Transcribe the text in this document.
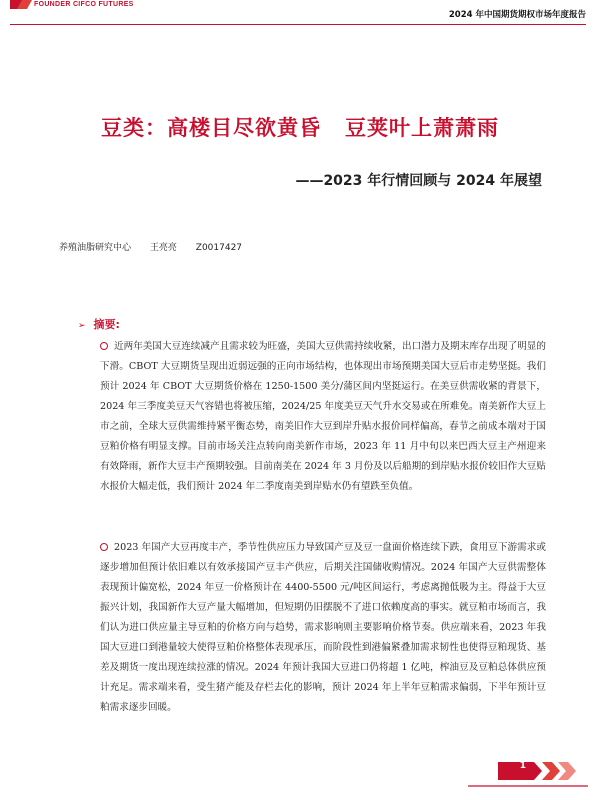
FOUNDER CIFCO FUTURES
2024 年中国期货期权市场年度报告
豆类：高楼目尽欲黄昏 豆荚叶上萧萧雨
——2023 年行情回顾与 2024 年展望
养殖油脂研究中心 王亮亮 Z0017427
➢ 摘要:
近两年美国大豆连续减产且需求较为旺盛，美国大豆供需持续收紧，出口潜力及期末库存出现了明显的下滑。CBOT 大豆期货呈现出近弱远强的正向市场结构，也体现出市场预期美国大豆后市走势坚挺。我们预计 2024 年 CBOT 大豆期货价格在 1250-1500 美分/蒲区间内坚挺运行。在美豆供需收紧的背景下，2024 年三季度美豆天气容错也将被压缩，2024/25 年度美豆天气升水交易或在所难免。南美新作大豆上市之前，全球大豆供需维持紧平衡态势，南美旧作大豆到岸升贴水报价同样偏高，春节之前成本端对于国豆粕价格有明显支撑。目前市场关注点转向南美新作市场，2023 年 11 月中旬以来巴西大豆主产州迎来有效降雨，新作大豆丰产预期较强。目前南美在 2024 年 3 月份及以后船期的到岸贴水报价较旧作大豆贴水报价大幅走低，我们预计 2024 年二季度南美到岸贴水仍有望跌至负值。
2023 年国产大豆再度丰产，季节性供应压力导致国产豆及豆一盘面价格连续下跌，食用豆下游需求或逐步增加但预计依旧难以有效承接国产豆丰产供应，后期关注国储收购情况。2024 年国产大豆供需整体表现预计偏宽松，2024 年豆一价格预计在 4400-5500 元/吨区间运行，考虑离抛低吸为主。得益于大豆振兴计划，我国新作大豆产量大幅增加，但短期仍旧摆脱不了进口依赖度高的事实。就豆粕市场而言，我们认为进口供应量主导豆粕的价格方向与趋势，需求影响则主要影响价格节奏。供应端来看，2023 年我国大豆进口到港量较大使得豆粕价格整体表现承压，而阶段性到港偏紧叠加需求韧性也使得豆粕现货、基差及期货一度出现连续拉涨的情况。2024 年预计我国大豆进口仍将超 1 亿吨，榨油豆及豆粕总体供应预计充足。需求端来看，受生猪产能及存栏去化的影响，预计 2024 年上半年豆粕需求偏弱，下半年预计豆粕需求逐步回暖。
1
